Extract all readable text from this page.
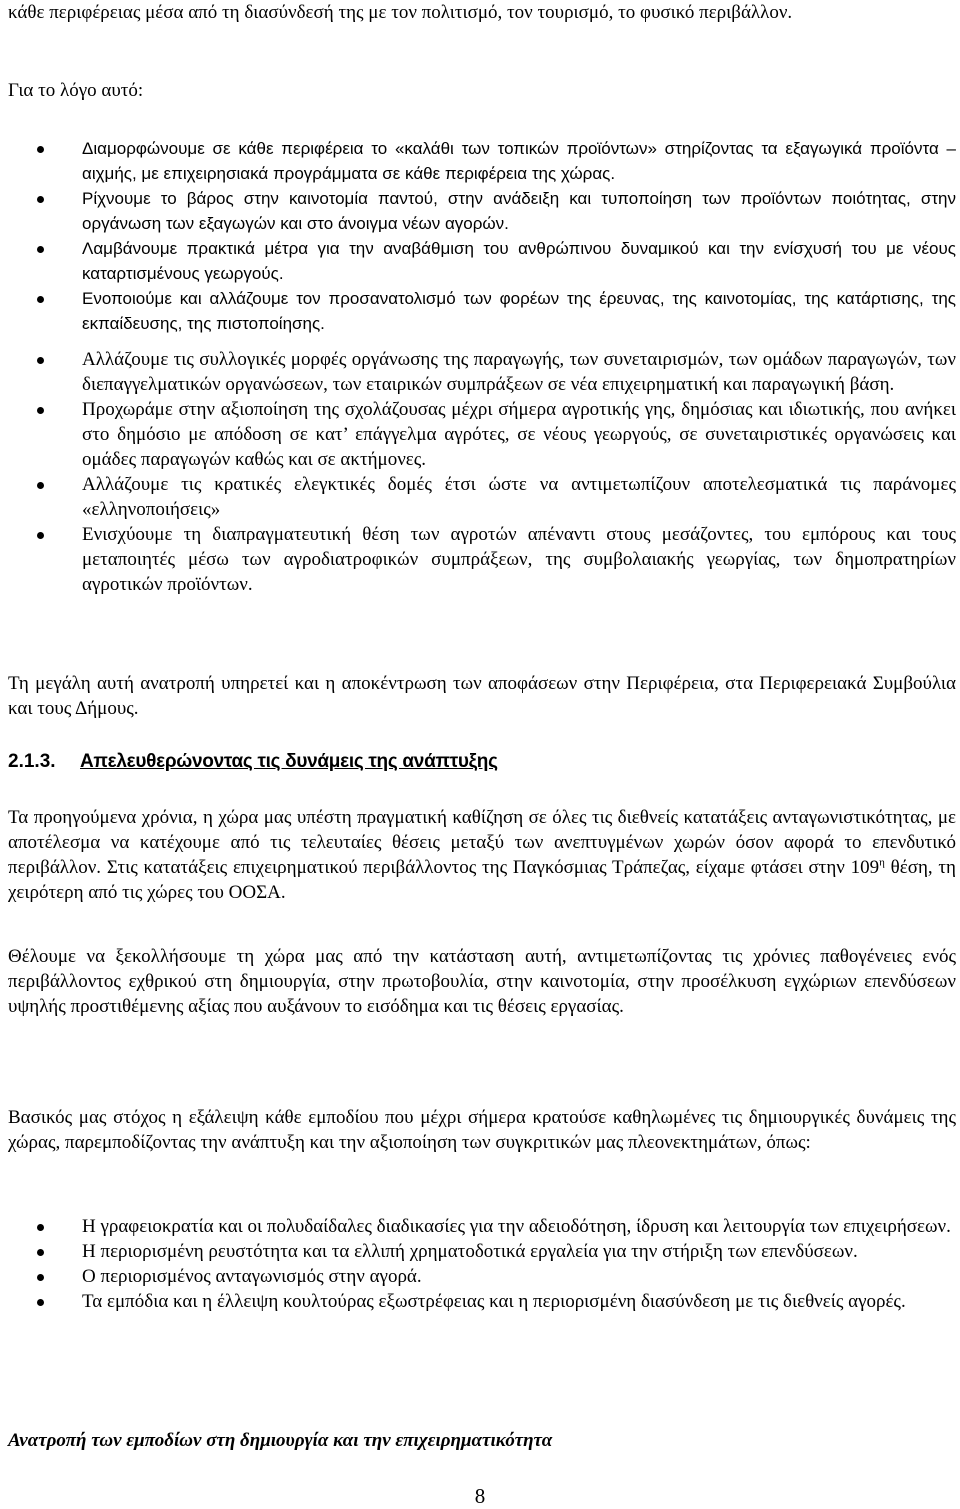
κάθε περιφέρειας μέσα από τη διασύνδεσή της με τον πολιτισμό, τον τουρισμό, το φυσικό περιβάλλον.

Για το λόγο αυτό:

Διαμορφώνουμε σε κάθε περιφέρεια το «καλάθι των τοπικών προϊόντων» στηρίζοντας τα εξαγωγικά προϊόντα – αιχμής, με επιχειρησιακά προγράμματα σε κάθε περιφέρεια της χώρας.
Ρίχνουμε το βάρος στην καινοτομία παντού, στην ανάδειξη και τυποποίηση των προϊόντων ποιότητας, στην οργάνωση των εξαγωγών και στο άνοιγμα νέων αγορών.
Λαμβάνουμε πρακτικά μέτρα για την αναβάθμιση του ανθρώπινου δυναμικού και την ενίσχυσή του με νέους καταρτισμένους γεωργούς.
Ενοποιούμε και αλλάζουμε τον προσανατολισμό των φορέων της έρευνας, της καινοτομίας, της κατάρτισης, της εκπαίδευσης, της πιστοποίησης.
Αλλάζουμε τις συλλογικές μορφές οργάνωσης της παραγωγής, των συνεταιρισμών, των ομάδων παραγωγών, των διεπαγγελματικών οργανώσεων, των εταιρικών συμπράξεων σε νέα επιχειρηματική και παραγωγική βάση.
Προχωράμε στην αξιοποίηση της σχολάζουσας μέχρι σήμερα αγροτικής γης, δημόσιας και ιδιωτικής, που ανήκει στο δημόσιο με απόδοση σε κατ’ επάγγελμα αγρότες, σε νέους γεωργούς, σε συνεταιριστικές οργανώσεις και ομάδες παραγωγών καθώς και σε ακτήμονες.
Αλλάζουμε τις κρατικές ελεγκτικές δομές έτσι ώστε να αντιμετωπίζουν αποτελεσματικά τις παράνομες «ελληνοποιήσεις»
Ενισχύουμε τη διαπραγματευτική θέση των αγροτών απέναντι στους μεσάζοντες, του εμπόρους και τους μεταποιητές μέσω των αγροδιατροφικών συμπράξεων, της συμβολαιακής γεωργίας, των δημοπρατηρίων αγροτικών προϊόντων.

Τη μεγάλη αυτή ανατροπή υπηρετεί και η αποκέντρωση των αποφάσεων στην Περιφέρεια, στα Περιφερειακά Συμβούλια και τους Δήμους.

2.1.3. Απελευθερώνοντας τις δυνάμεις της ανάπτυξης

Τα προηγούμενα χρόνια, η χώρα μας υπέστη πραγματική καθίζηση σε όλες τις διεθνείς κατατάξεις ανταγωνιστικότητας, με αποτέλεσμα να κατέχουμε από τις τελευταίες θέσεις μεταξύ των ανεπτυγμένων χωρών όσον αφορά το επενδυτικό περιβάλλον. Στις κατατάξεις επιχειρηματικού περιβάλλοντος της Παγκόσμιας Τράπεζας, είχαμε φτάσει στην $109^\eta$ θέση, τη χειρότερη από τις χώρες του ΟΟΣΑ.

Θέλουμε να ξεκολλήσουμε τη χώρα μας από την κατάσταση αυτή, αντιμετωπίζοντας τις χρόνιες παθογένειες ενός περιβάλλοντος εχθρικού στη δημιουργία, στην πρωτοβουλία, στην καινοτομία, στην προσέλκυση εγχώριων επενδύσεων υψηλής προστιθέμενης αξίας που αυξάνουν το εισόδημα και τις θέσεις εργασίας.

Βασικός μας στόχος η εξάλειψη κάθε εμποδίου που μέχρι σήμερα κρατούσε καθηλωμένες τις δημιουργικές δυνάμεις της χώρας, παρεμποδίζοντας την ανάπτυξη και την αξιοποίηση των συγκριτικών μας πλεονεκτημάτων, όπως:

Η γραφειοκρατία και οι πολυδαίδαλες διαδικασίες για την αδειοδότηση, ίδρυση και λειτουργία των επιχειρήσεων.
Η περιορισμένη ρευστότητα και τα ελλιπή χρηματοδοτικά εργαλεία για την στήριξη των επενδύσεων.
Ο περιορισμένος ανταγωνισμός στην αγορά.
Τα εμπόδια και η έλλειψη κουλτούρας εξωστρέφειας και η περιορισμένη διασύνδεση με τις διεθνείς αγορές.
Ανατροπή των εμποδίων στη δημιουργία και την επιχειρηματικότητα
8
